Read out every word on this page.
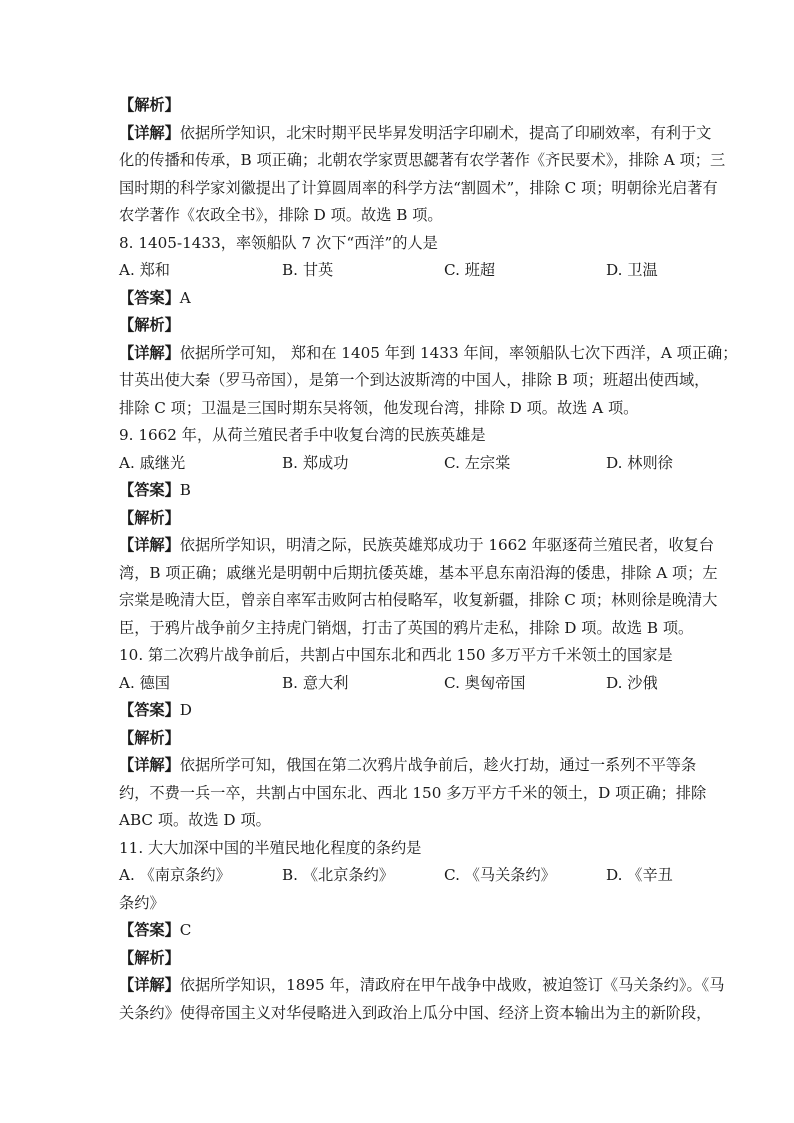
【解析】
【详解】依据所学知识，北宋时期平民毕昇发明活字印刷术，提高了印刷效率，有利于文
化的传播和传承，B 项正确；北朝农学家贾思勰著有农学著作《齐民要术》，排除 A 项；三
国时期的科学家刘徽提出了计算圆周率的科学方法“割圆术”，排除 C 项；明朝徐光启著有
农学著作《农政全书》，排除 D 项。故选 B 项。
8. 1405-1433，率领船队 7 次下“西洋”的人是
A. 郑和	B. 甘英	C. 班超	D. 卫温
【答案】A
【解析】
【详解】依据所学可知， 郑和在 1405 年到 1433 年间，率领船队七次下西洋，A 项正确；
甘英出使大秦（罗马帝国），是第一个到达波斯湾的中国人，排除 B 项；班超出使西域，
排除 C 项；卫温是三国时期东吴将领，他发现台湾，排除 D 项。故选 A 项。
9. 1662 年，从荷兰殖民者手中收复台湾的民族英雄是
A. 戚继光	B. 郑成功	C. 左宗棠	D. 林则徐
【答案】B
【解析】
【详解】依据所学知识，明清之际，民族英雄郑成功于 1662 年驱逐荷兰殖民者，收复台
湾，B 项正确；戚继光是明朝中后期抗倭英雄，基本平息东南沿海的倭患，排除 A 项；左
宗棠是晚清大臣，曾亲自率军击败阿古柏侵略军，收复新疆，排除 C 项；林则徐是晚清大
臣，于鸦片战争前夕主持虎门销烟，打击了英国的鸦片走私，排除 D 项。故选 B 项。
10. 第二次鸦片战争前后，共割占中国东北和西北 150 多万平方千米领土的国家是
A. 德国	B. 意大利	C. 奥匈帝国	D. 沙俄
【答案】D
【解析】
【详解】依据所学可知，俄国在第二次鸦片战争前后，趁火打劫，通过一系列不平等条
约，不费一兵一卒，共割占中国东北、西北 150 多万平方千米的领土，D 项正确；排除
ABC 项。故选 D 项。
11. 大大加深中国的半殖民地化程度的条约是
A. 《南京条约》	B. 《北京条约》	C. 《马关条约》	D. 《辛丑
条约》
【答案】C
【解析】
【详解】依据所学知识，1895 年，清政府在甲午战争中战败，被迫签订《马关条约》。《马
关条约》使得帝国主义对华侵略进入到政治上瓜分中国、经济上资本输出为主的新阶段，
